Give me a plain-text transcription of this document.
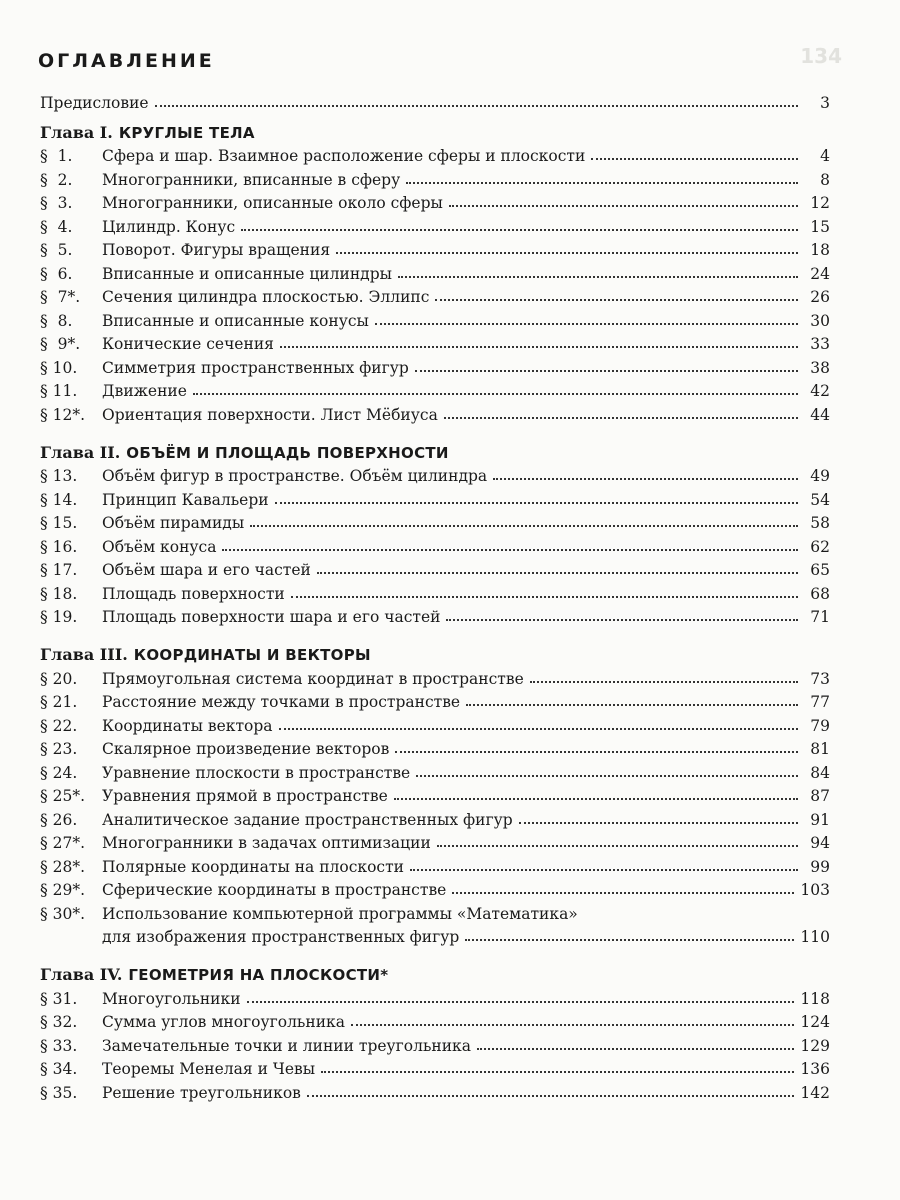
ОГЛАВЛЕНИЕ	134
Предисловие	3
Глава I. КРУГЛЫЕ ТЕЛА
§  1.	Сфера и шар. Взаимное расположение сферы и плоскости	4
§  2.	Многогранники, вписанные в сферу	8
§  3.	Многогранники, описанные около сферы	12
§  4.	Цилиндр. Конус	15
§  5.	Поворот. Фигуры вращения	18
§  6.	Вписанные и описанные цилиндры	24
§  7*.	Сечения цилиндра плоскостью. Эллипс	26
§  8.	Вписанные и описанные конусы	30
§  9*.	Конические сечения	33
§ 10.	Симметрия пространственных фигур	38
§ 11.	Движение	42
§ 12*.	Ориентация поверхности. Лист Мёбиуса	44
Глава II. ОБЪЁМ И ПЛОЩАДЬ ПОВЕРХНОСТИ
§ 13.	Объём фигур в пространстве. Объём цилиндра	49
§ 14.	Принцип Кавальери	54
§ 15.	Объём пирамиды	58
§ 16.	Объём конуса	62
§ 17.	Объём шара и его частей	65
§ 18.	Площадь поверхности	68
§ 19.	Площадь поверхности шара и его частей	71
Глава III. КООРДИНАТЫ И ВЕКТОРЫ
§ 20.	Прямоугольная система координат в пространстве	73
§ 21.	Расстояние между точками в пространстве	77
§ 22.	Координаты вектора	79
§ 23.	Скалярное произведение векторов	81
§ 24.	Уравнение плоскости в пространстве	84
§ 25*.	Уравнения прямой в пространстве	87
§ 26.	Аналитическое задание пространственных фигур	91
§ 27*.	Многогранники в задачах оптимизации	94
§ 28*.	Полярные координаты на плоскости	99
§ 29*.	Сферические координаты в пространстве	103
§ 30*.	Использование компьютерной программы «Математика»
для изображения пространственных фигур	110
Глава IV. ГЕОМЕТРИЯ НА ПЛОСКОСТИ*
§ 31.	Многоугольники	118
§ 32.	Сумма углов многоугольника	124
§ 33.	Замечательные точки и линии треугольника	129
§ 34.	Теоремы Менелая и Чевы	136
§ 35.	Решение треугольников	142
